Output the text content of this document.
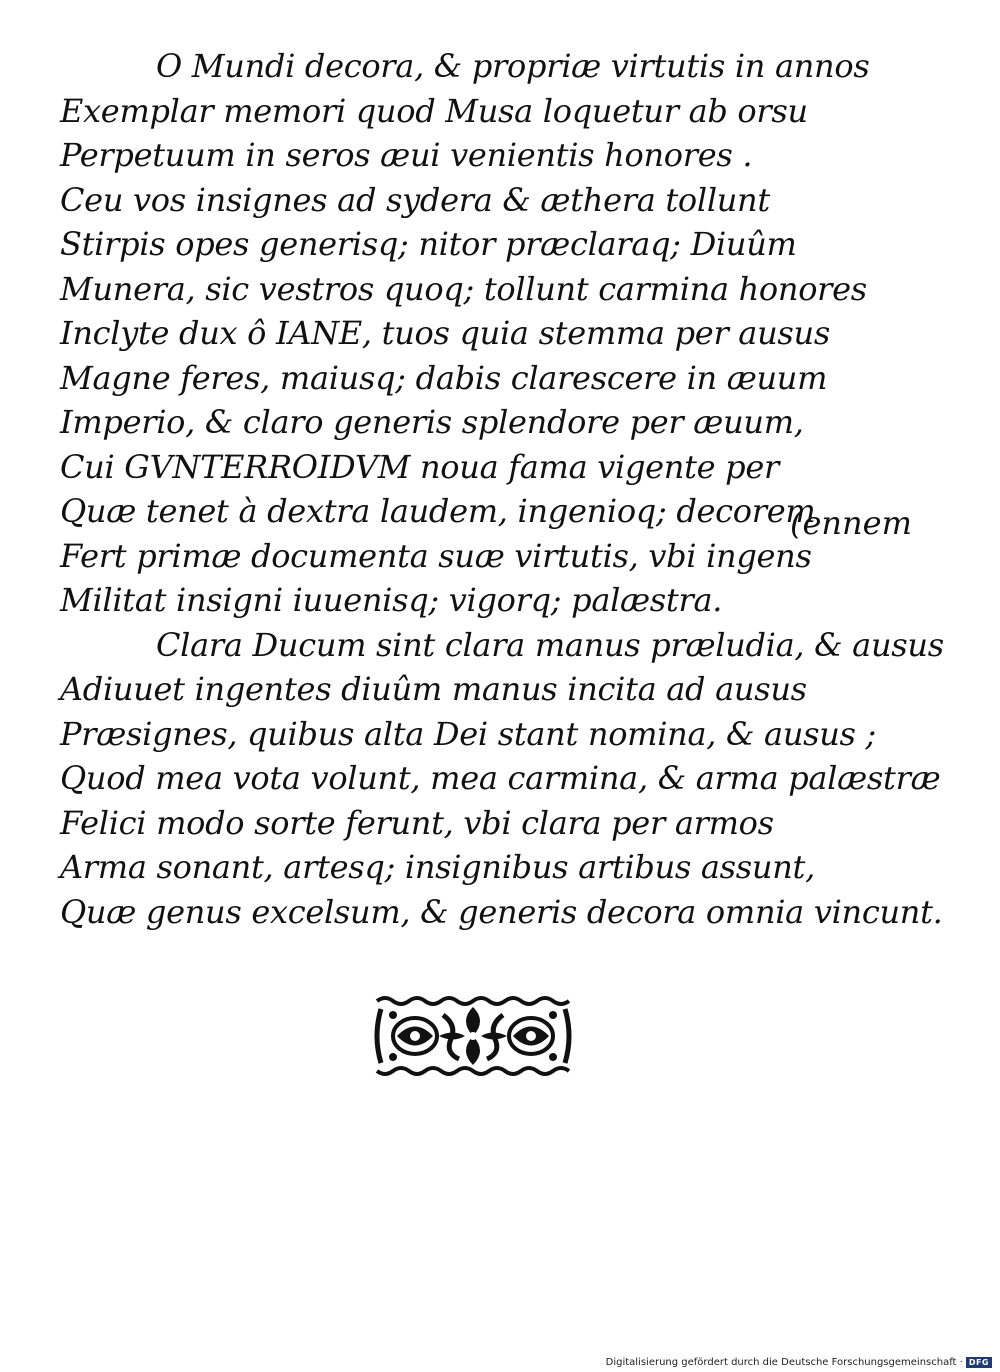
O Mundi decora, & propriæ virtutis in annos
Exemplar memori quod Musa loquetur ab orsu
Perpetuum in seros æui venientis honores .
Ceu vos insignes ad sydera & æthera tollunt
Stirpis opes generisq; nitor præclaraq; Diuûm
Munera, sic vestros quoq; tollunt carmina honores
Inclyte dux ô IANE, tuos quia stemma per ausus
Magne feres, maiusq; dabis clarescere in æuum
Imperio, & claro generis splendore per æuum,
Cui GVNTERROIDVM noua fama vigente per
Quæ tenet à dextra laudem, ingenioq; decorem
Fert primæ documenta suæ virtutis, vbi ingens
Militat insigni iuuenisq; vigorq; palæstra.
Clara Ducum sint clara manus præludia, & ausus
Adiuuet ingentes diuûm manus incita ad ausus
Præsignes, quibus alta Dei stant nomina, & ausus ;
Quod mea vota volunt, mea carmina, & arma palæstræ
Felici modo sorte ferunt, vbi clara per armos
Arma sonant, artesq; insignibus artibus assunt,
Quæ genus excelsum, & generis decora omnia vincunt.
(ennem
Digitalisierung gefördert durch die Deutsche Forschungsgemeinschaft · DFG
